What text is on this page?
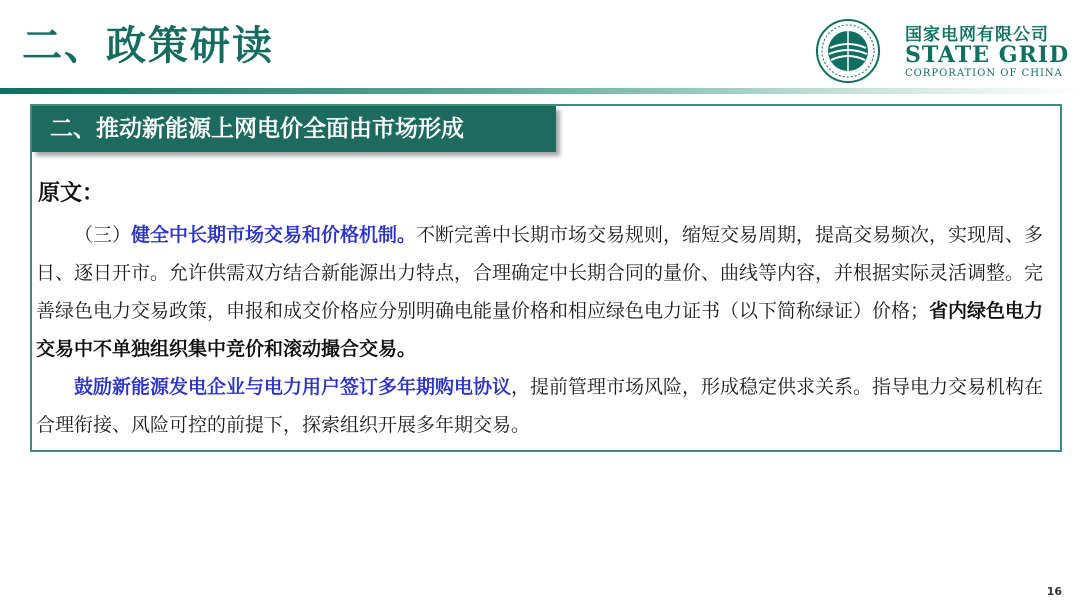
二、政策研读	国家电网有限公司
STATE GRID
CORPORATION OF CHINA
二、推动新能源上网电价全面由市场形成
原文：

（三）健全中长期市场交易和价格机制。不断完善中长期市场交易规则，缩短交易周期，提高交易频次，实现周、多日、逐日开市。允许供需双方结合新能源出力特点，合理确定中长期合同的量价、曲线等内容，并根据实际灵活调整。完善绿色电力交易政策，申报和成交价格应分别明确电能量价格和相应绿色电力证书（以下简称绿证）价格；省内绿色电力交易中不单独组织集中竞价和滚动撮合交易。

鼓励新能源发电企业与电力用户签订多年期购电协议，提前管理市场风险，形成稳定供求关系。指导电力交易机构在合理衔接、风险可控的前提下，探索组织开展多年期交易。

16
